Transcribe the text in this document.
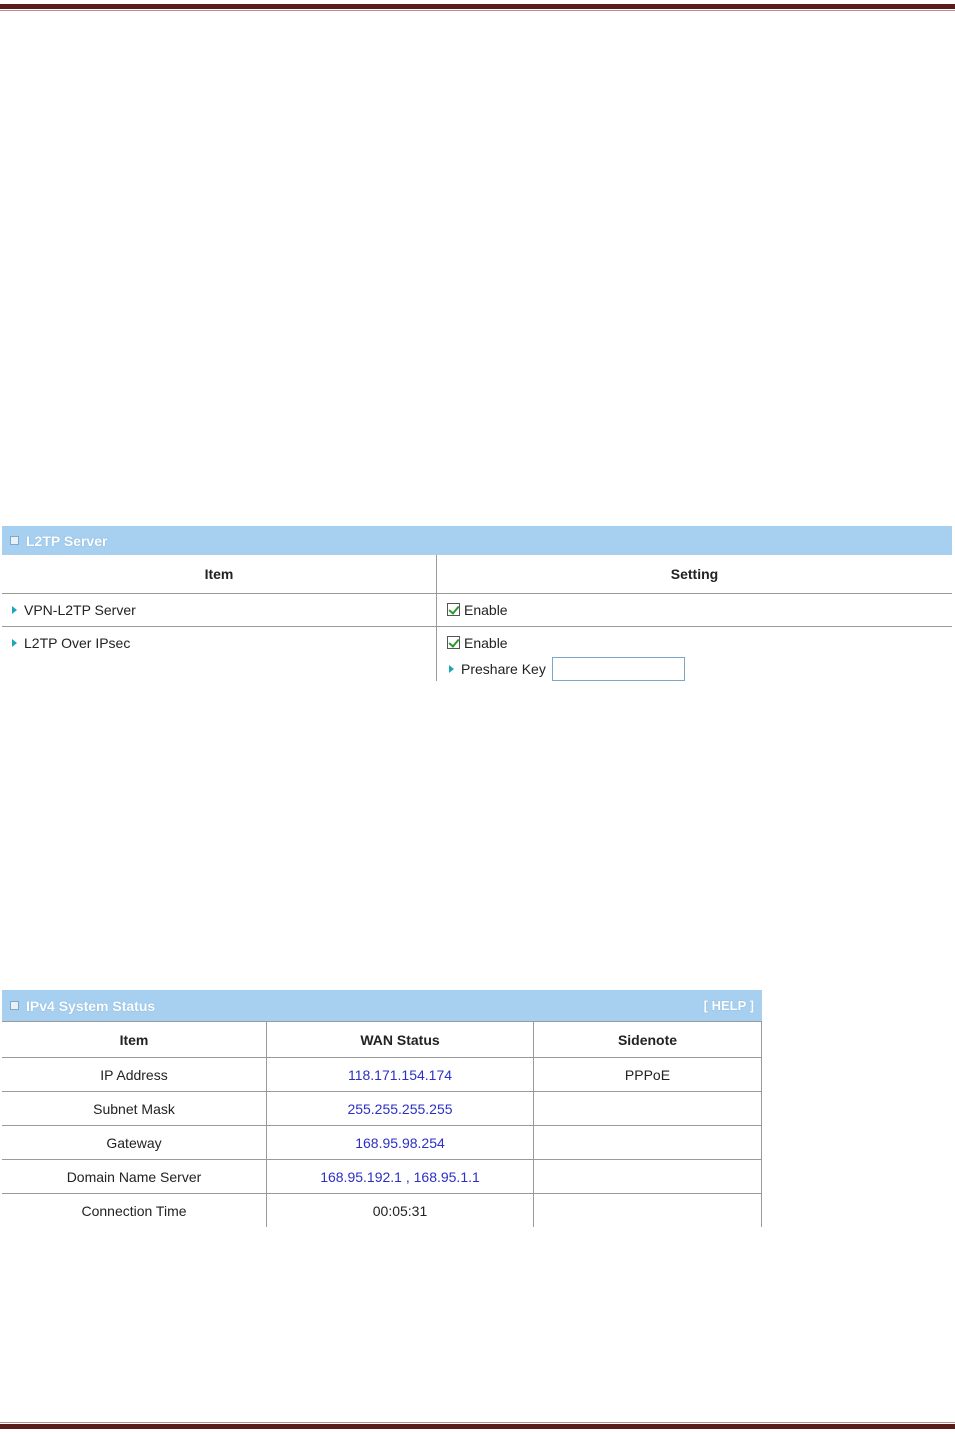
L2TP Server
Item	Setting
VPN-L2TP Server	Enable
L2TP Over IPsec	Enable
Preshare Key
IPv4 System Status	[ HELP ]
Item	WAN Status	Sidenote
IP Address	118.171.154.174	PPPoE
Subnet Mask	255.255.255.255	
Gateway	168.95.98.254	
Domain Name Server	168.95.192.1 , 168.95.1.1	
Connection Time	00:05:31	
